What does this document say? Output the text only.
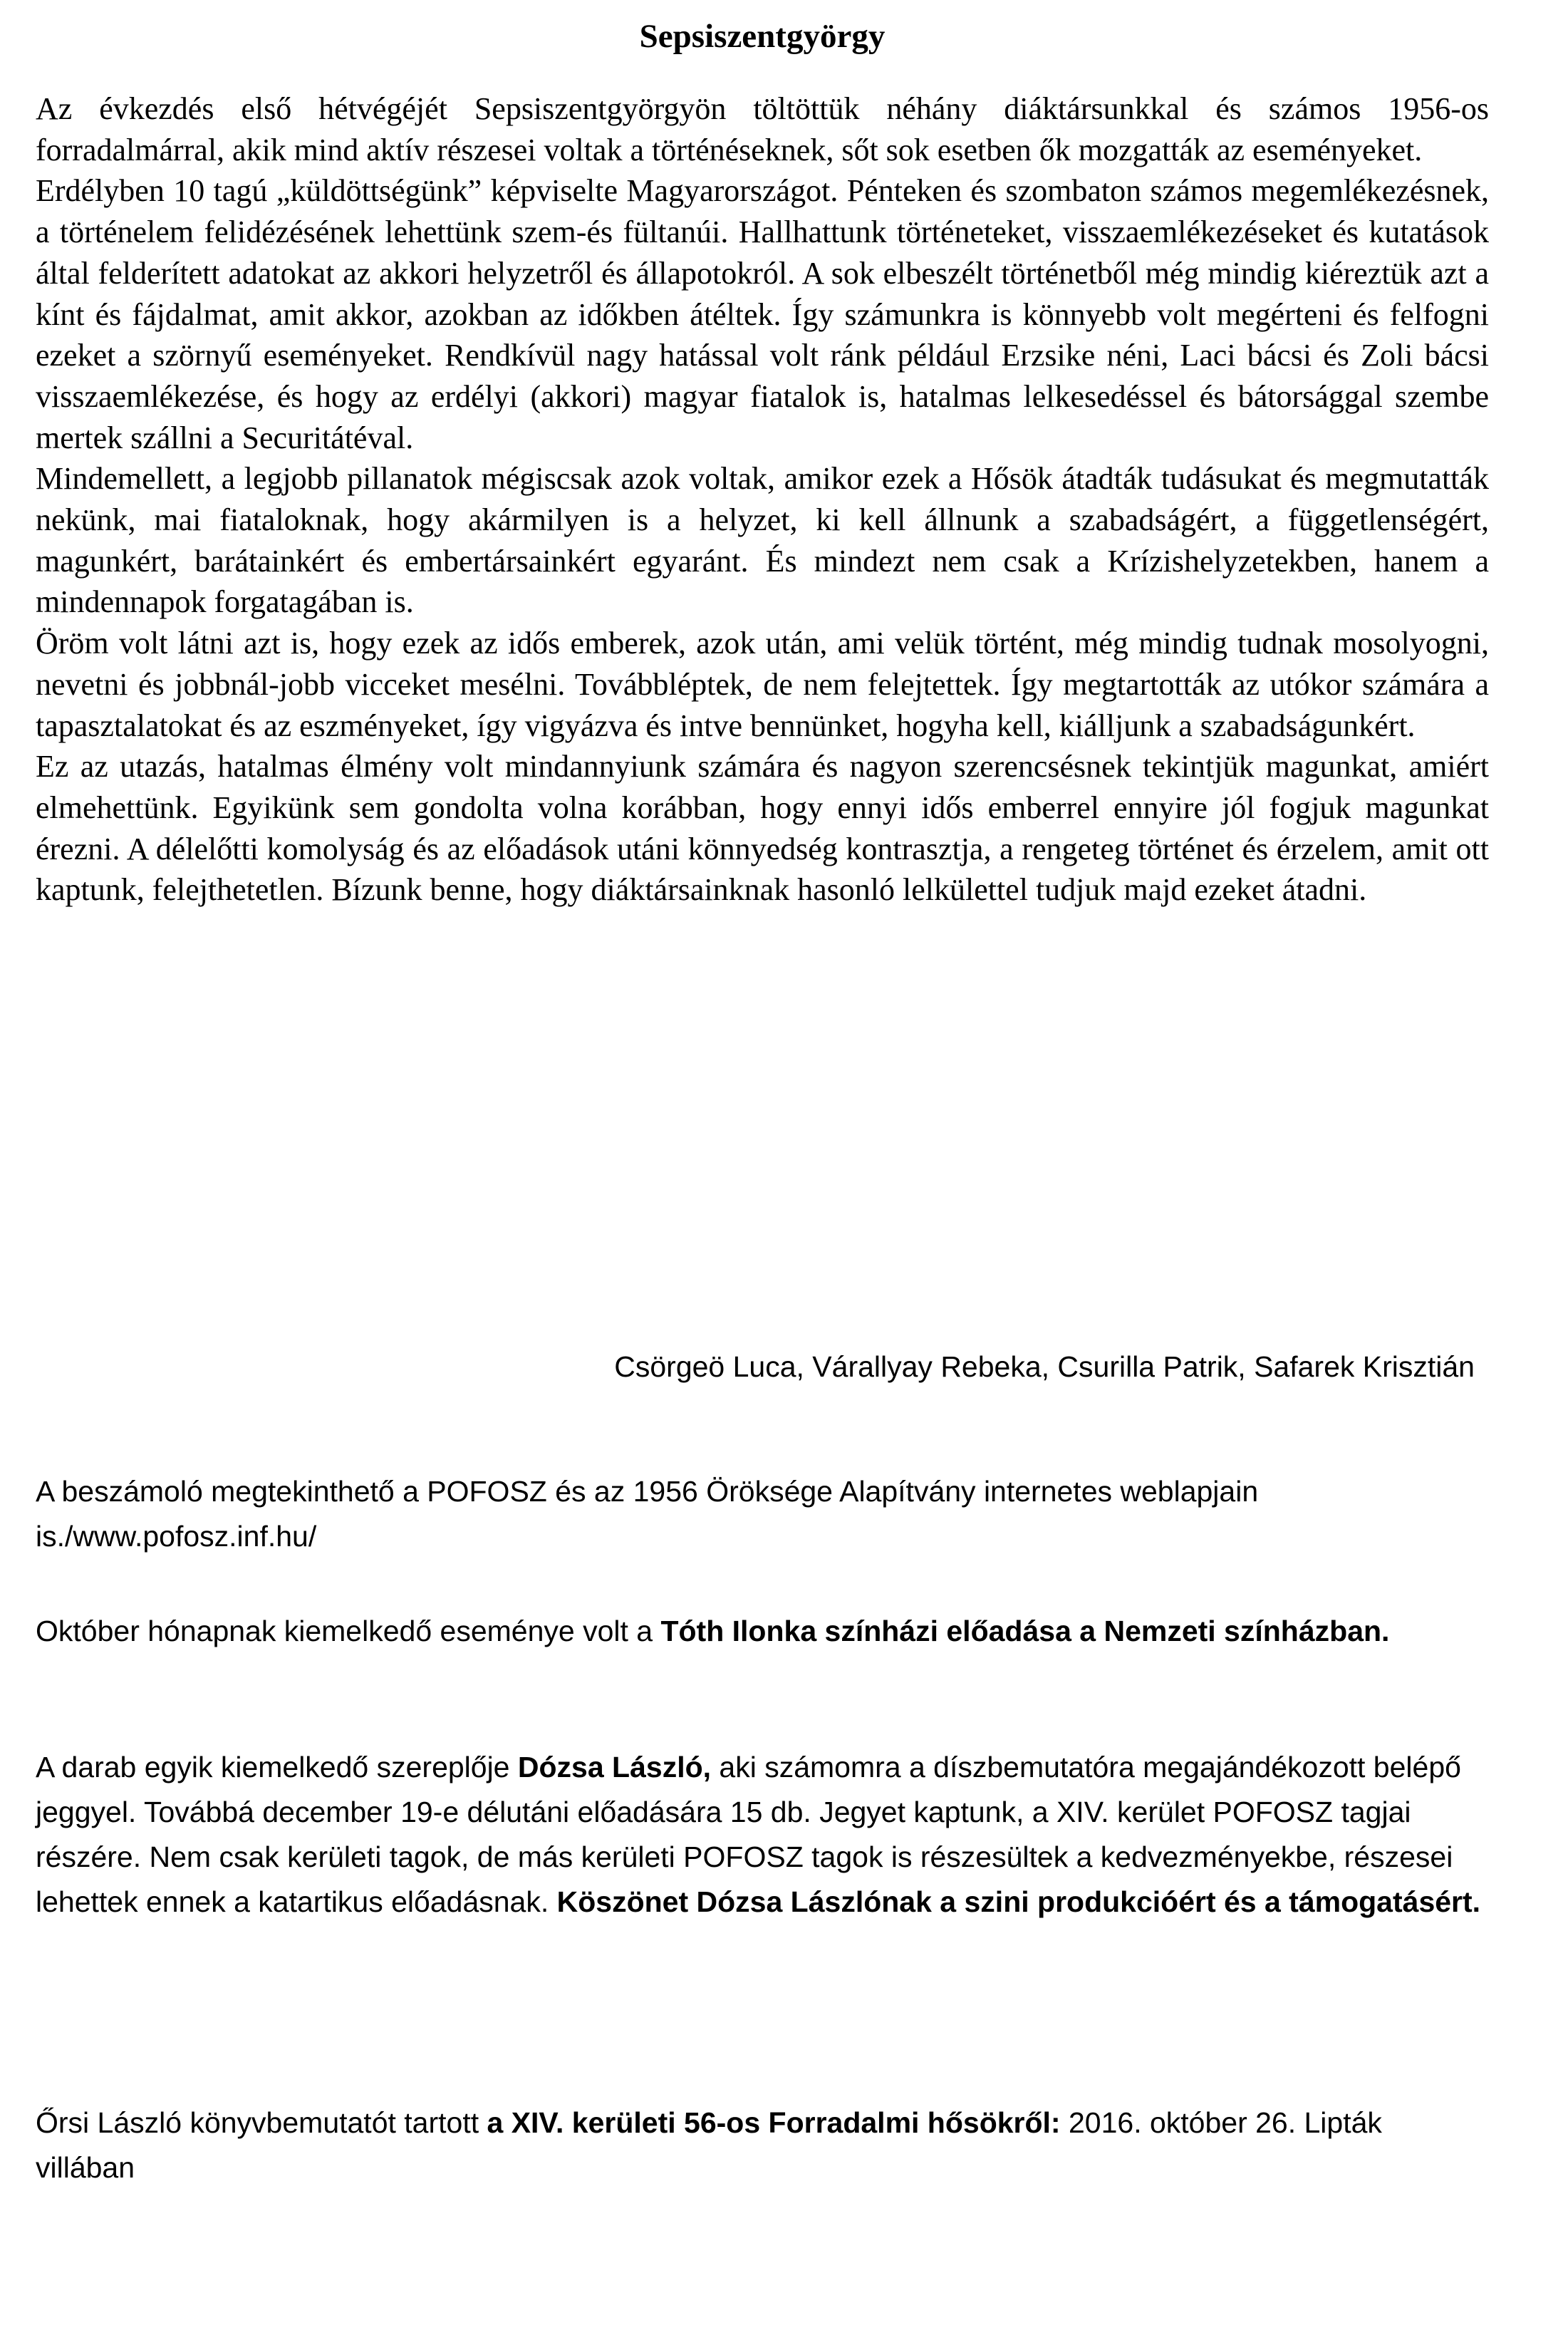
Sepsiszentgyörgy

Az évkezdés első hétvégéjét Sepsiszentgyörgyön töltöttük néhány diáktársunkkal és számos 1956-os forradalmárral, akik mind aktív részesei voltak a történéseknek, sőt sok esetben ők mozgatták az eseményeket.

Erdélyben 10 tagú „küldöttségünk” képviselte Magyarországot. Pénteken és szombaton számos megemlékezésnek, a történelem felidézésének lehettünk szem-és fültanúi. Hallhattunk történeteket, visszaemlékezéseket és kutatások által felderített adatokat az akkori helyzetről és állapotokról. A sok elbeszélt történetből még mindig kiéreztük azt a kínt és fájdalmat, amit akkor, azokban az időkben átéltek. Így számunkra is könnyebb volt megérteni és felfogni ezeket a szörnyű eseményeket. Rendkívül nagy hatással volt ránk például Erzsike néni, Laci bácsi és Zoli bácsi visszaemlékezése, és hogy az erdélyi (akkori) magyar fiatalok is, hatalmas lelkesedéssel és bátorsággal szembe mertek szállni a Securitátéval.

Mindemellett, a legjobb pillanatok mégiscsak azok voltak, amikor ezek a Hősök átadták tudásukat és megmutatták nekünk, mai fiataloknak, hogy akármilyen is a helyzet, ki kell állnunk a szabadságért, a függetlenségért, magunkért, barátainkért és embertársainkért egyaránt. És mindezt nem csak a Krízishelyzetekben, hanem a mindennapok forgatagában is.

Öröm volt látni azt is, hogy ezek az idős emberek, azok után, ami velük történt, még mindig tudnak mosolyogni, nevetni és jobbnál-jobb vicceket mesélni. Továbbléptek, de nem felejtettek. Így megtartották az utókor számára a tapasztalatokat és az eszményeket, így vigyázva és intve bennünket, hogyha kell, kiálljunk a szabadságunkért.

Ez az utazás, hatalmas élmény volt mindannyiunk számára és nagyon szerencsésnek tekintjük magunkat, amiért elmehettünk. Egyikünk sem gondolta volna korábban, hogy ennyi idős emberrel ennyire jól fogjuk magunkat érezni. A délelőtti komolyság és az előadások utáni könnyedség kontrasztja, a rengeteg történet és érzelem, amit ott kaptunk, felejthetetlen. Bízunk benne, hogy diáktársainknak hasonló lelkülettel tudjuk majd ezeket átadni.

Csörgeö Luca, Várallyay Rebeka, Csurilla Patrik, Safarek Krisztián

A beszámoló megtekinthető a POFOSZ és az 1956 Öröksége Alapítvány internetes weblapjain is./www.pofosz.inf.hu/

Október hónapnak kiemelkedő eseménye volt a Tóth Ilonka színházi előadása a Nemzeti színházban.

A darab egyik kiemelkedő szereplője Dózsa László, aki számomra a díszbemutatóra megajándékozott belépő jeggyel. Továbbá december 19-e délutáni előadására 15 db. Jegyet kaptunk, a XIV. kerület POFOSZ tagjai részére. Nem csak kerületi tagok, de más kerületi POFOSZ tagok is részesültek a kedvezményekbe, részesei lehettek ennek a katartikus előadásnak. Köszönet Dózsa Lászlónak a szini produkcióért és a támogatásért.

Őrsi László könyvbemutatót tartott a XIV. kerületi 56-os Forradalmi hősökről: 2016. október 26. Lipták villában
